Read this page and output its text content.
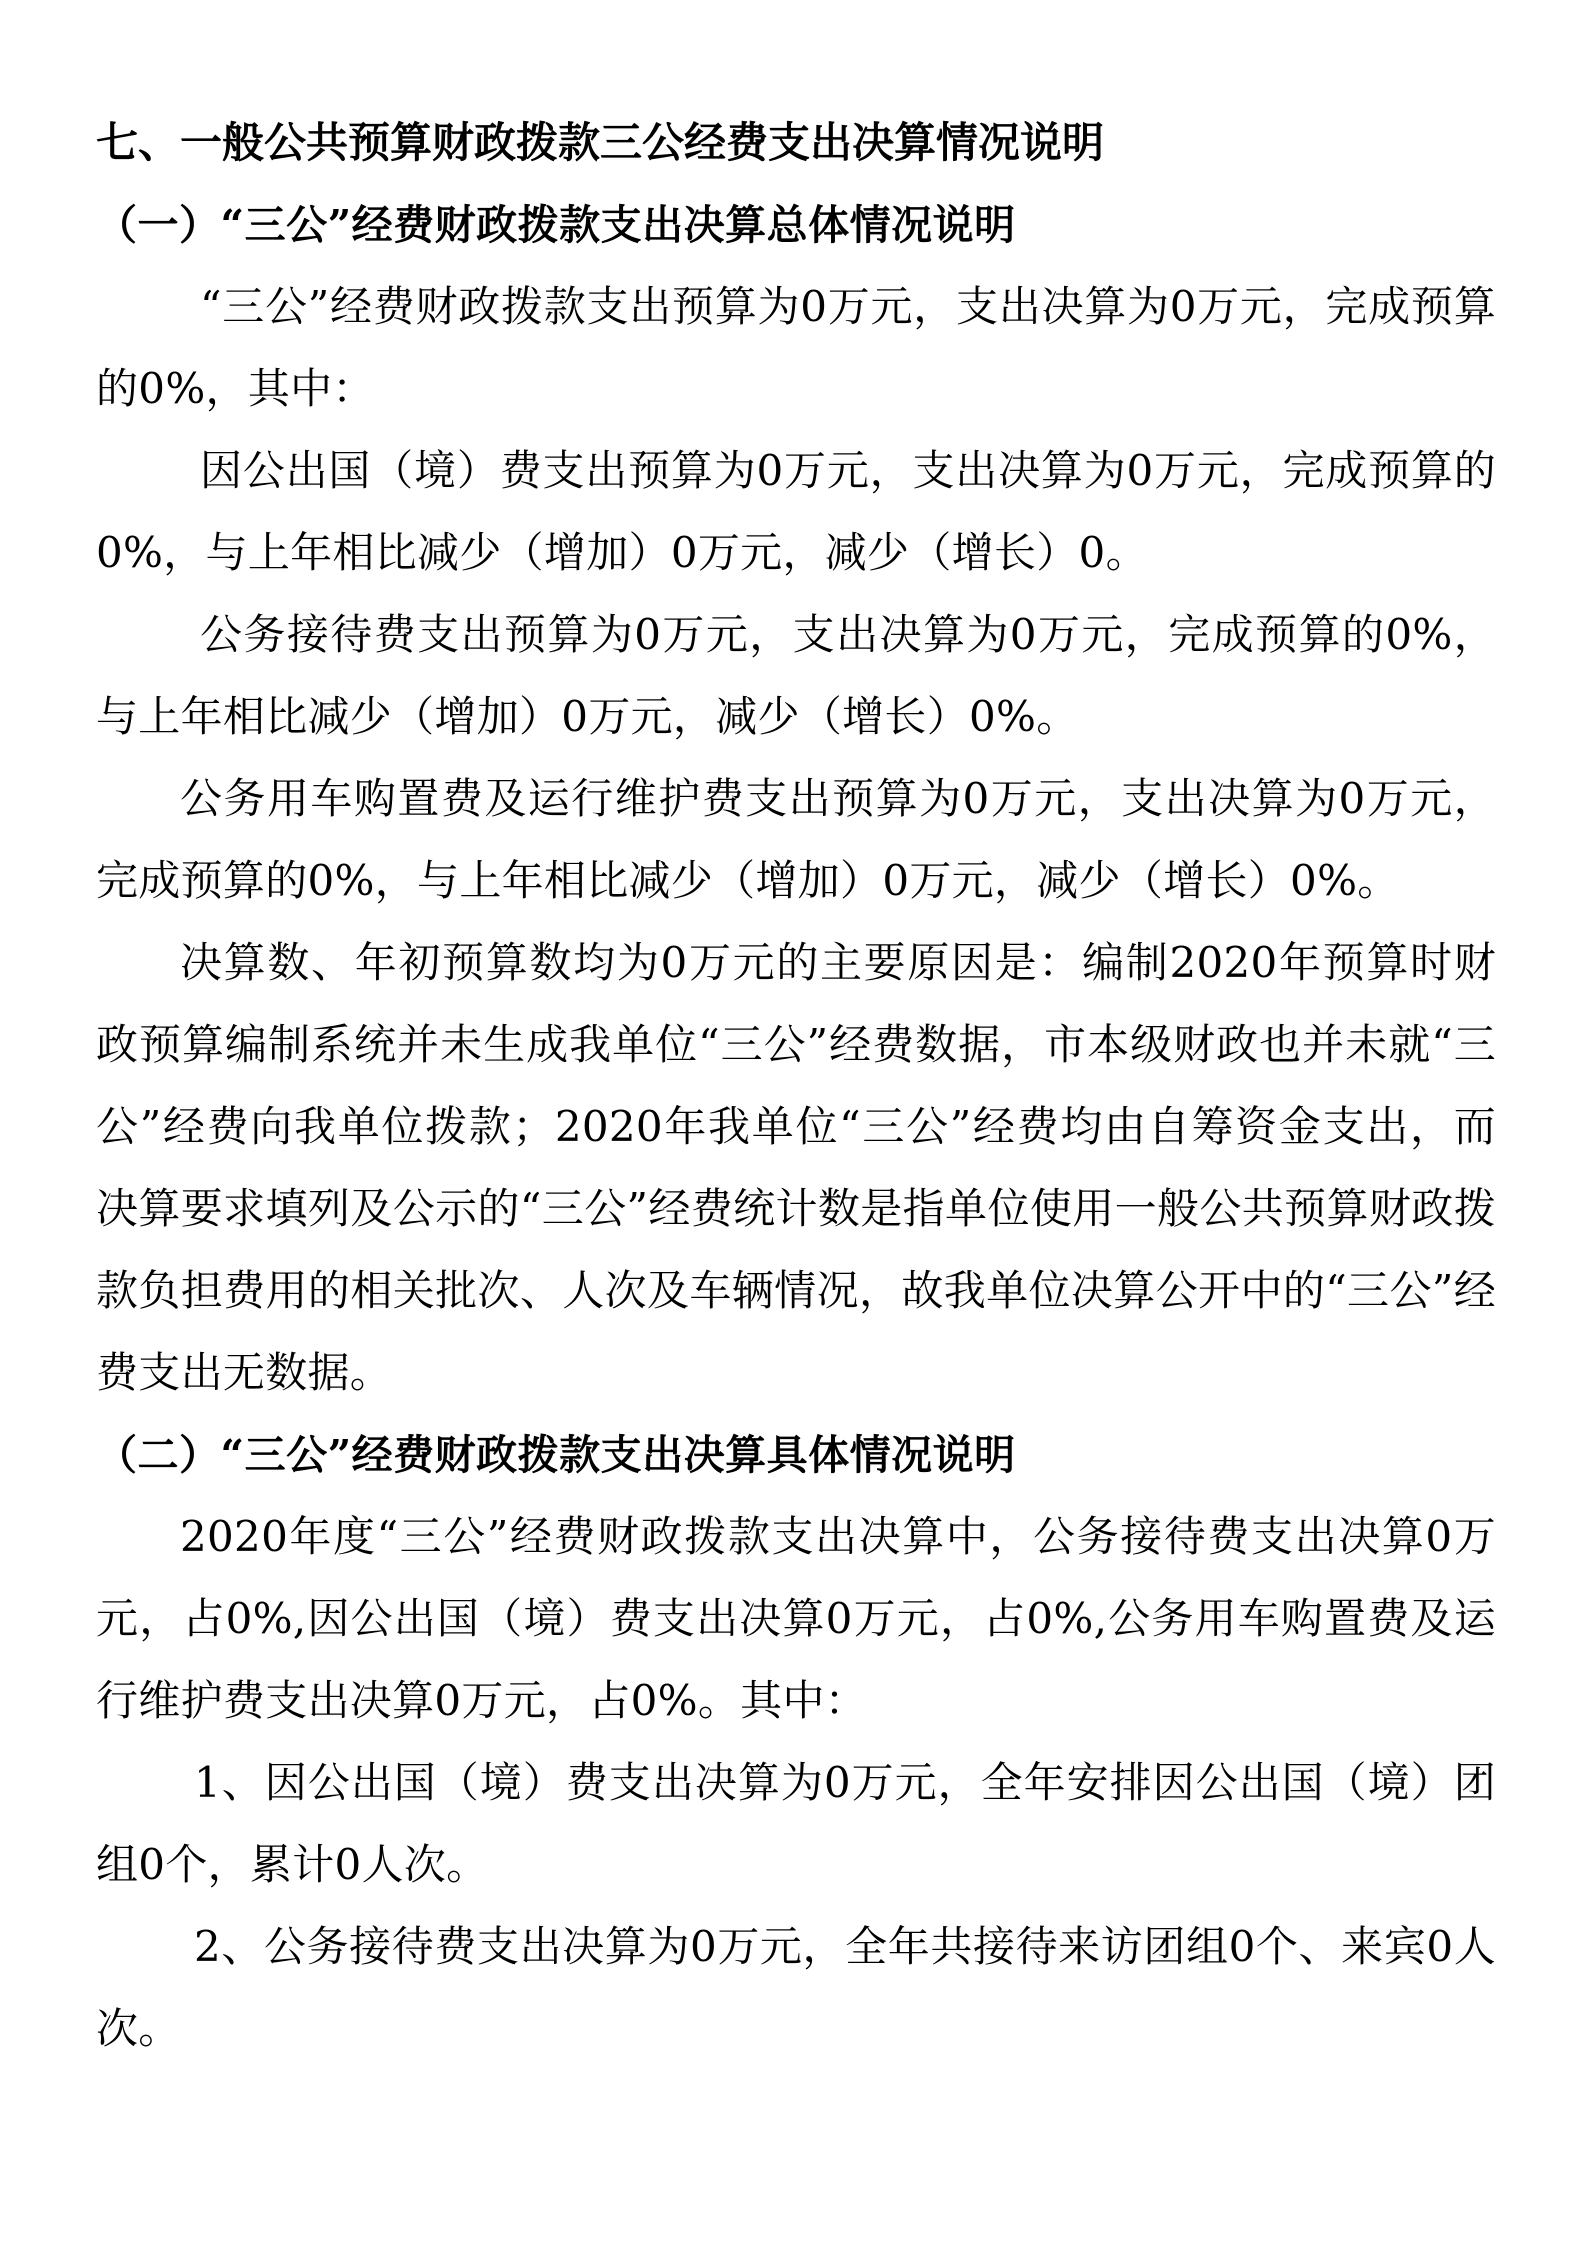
七、一般公共预算财政拨款三公经费支出决算情况说明
（一）“三公”经费财政拨款支出决算总体情况说明

“三公”经费财政拨款支出预算为0万元，支出决算为0万元，完成预算的0%，其中：

因公出国（境）费支出预算为0万元，支出决算为0万元，完成预算的0%，与上年相比减少（增加）0万元，减少（增长）0。

公务接待费支出预算为0万元，支出决算为0万元，完成预算的0%，与上年相比减少（增加）0万元，减少（增长）0%。

公务用车购置费及运行维护费支出预算为0万元，支出决算为0万元，完成预算的0%，与上年相比减少（增加）0万元，减少（增长）0%。

决算数、年初预算数均为0万元的主要原因是：编制2020年预算时财政预算编制系统并未生成我单位“三公”经费数据，市本级财政也并未就“三公”经费向我单位拨款；2020年我单位“三公”经费均由自筹资金支出，而决算要求填列及公示的“三公”经费统计数是指单位使用一般公共预算财政拨款负担费用的相关批次、人次及车辆情况，故我单位决算公开中的“三公”经费支出无数据。

（二）“三公”经费财政拨款支出决算具体情况说明

2020年度“三公”经费财政拨款支出决算中，公务接待费支出决算0万元，占0%,因公出国（境）费支出决算0万元，占0%,公务用车购置费及运行维护费支出决算0万元，占0%。其中：

1、因公出国（境）费支出决算为0万元，全年安排因公出国（境）团组0个，累计0人次。

2、公务接待费支出决算为0万元，全年共接待来访团组0个、来宾0人次。
